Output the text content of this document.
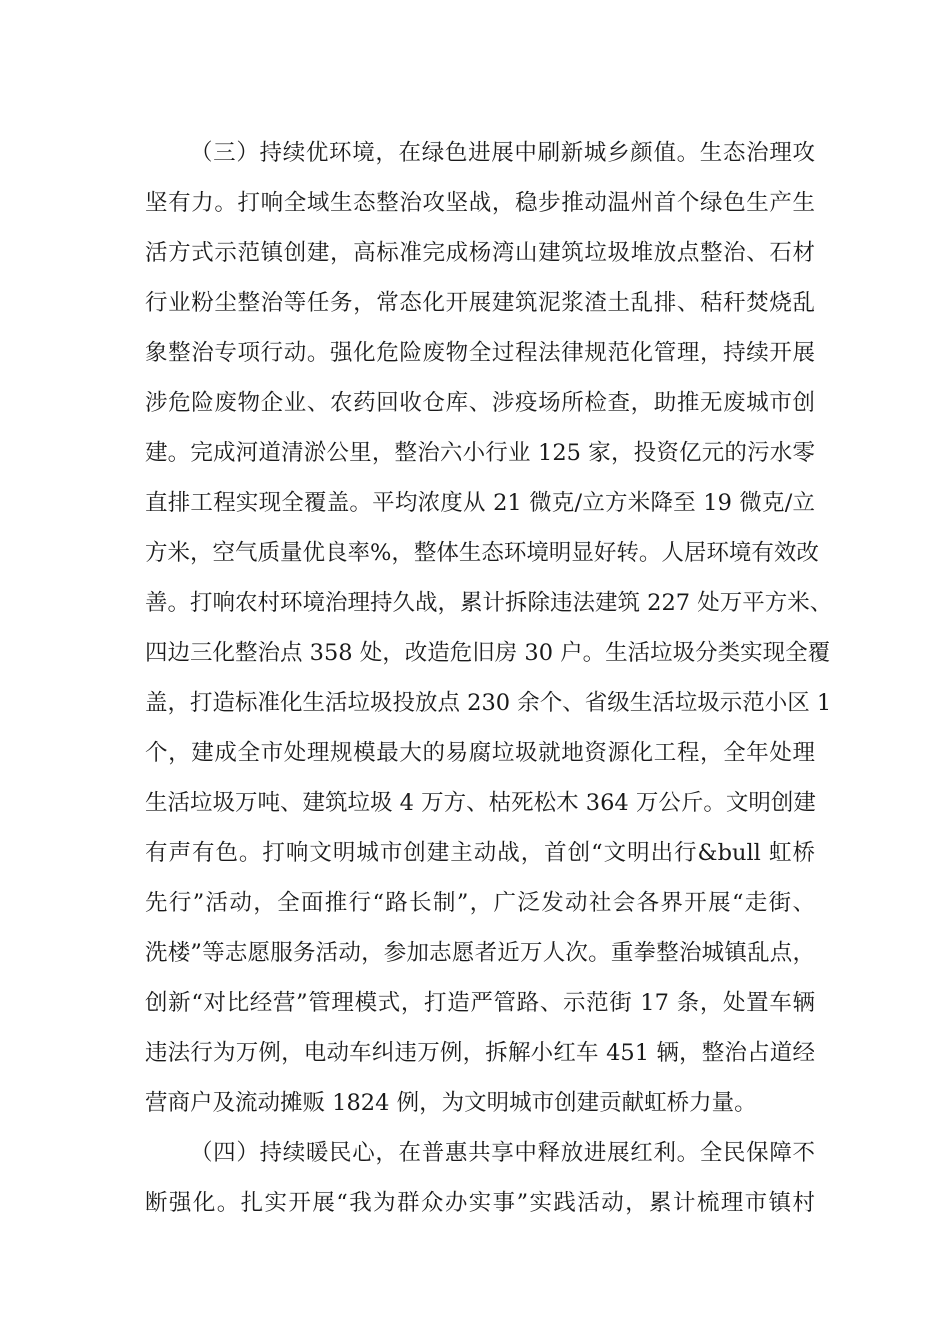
（三）持续优环境，在绿色进展中刷新城乡颜值。生态治理攻
坚有力。打响全域生态整治攻坚战，稳步推动温州首个绿色生产生
活方式示范镇创建，高标准完成杨湾山建筑垃圾堆放点整治、石材
行业粉尘整治等任务，常态化开展建筑泥浆渣土乱排、秸秆焚烧乱
象整治专项行动。强化危险废物全过程法律规范化管理，持续开展
涉危险废物企业、农药回收仓库、涉疫场所检查，助推无废城市创
建。完成河道清淤公里，整治六小行业 125 家，投资亿元的污水零
直排工程实现全覆盖。平均浓度从 21 微克/立方米降至 19 微克/立
方米，空气质量优良率%，整体生态环境明显好转。人居环境有效改
善。打响农村环境治理持久战，累计拆除违法建筑 227 处万平方米、
四边三化整治点 358 处，改造危旧房 30 户。生活垃圾分类实现全覆
盖，打造标准化生活垃圾投放点 230 余个、省级生活垃圾示范小区 1
个，建成全市处理规模最大的易腐垃圾就地资源化工程，全年处理
生活垃圾万吨、建筑垃圾 4 万方、枯死松木 364 万公斤。文明创建
有声有色。打响文明城市创建主动战，首创“文明出行&bull 虹桥
先行”活动，全面推行“路长制”，广泛发动社会各界开展“走街、
洗楼”等志愿服务活动，参加志愿者近万人次。重拳整治城镇乱点，
创新“对比经营”管理模式，打造严管路、示范街 17 条，处置车辆
违法行为万例，电动车纠违万例，拆解小红车 451 辆，整治占道经
营商户及流动摊贩 1824 例，为文明城市创建贡献虹桥力量。
（四）持续暖民心，在普惠共享中释放进展红利。全民保障不
断强化。扎实开展“我为群众办实事”实践活动，累计梳理市镇村
